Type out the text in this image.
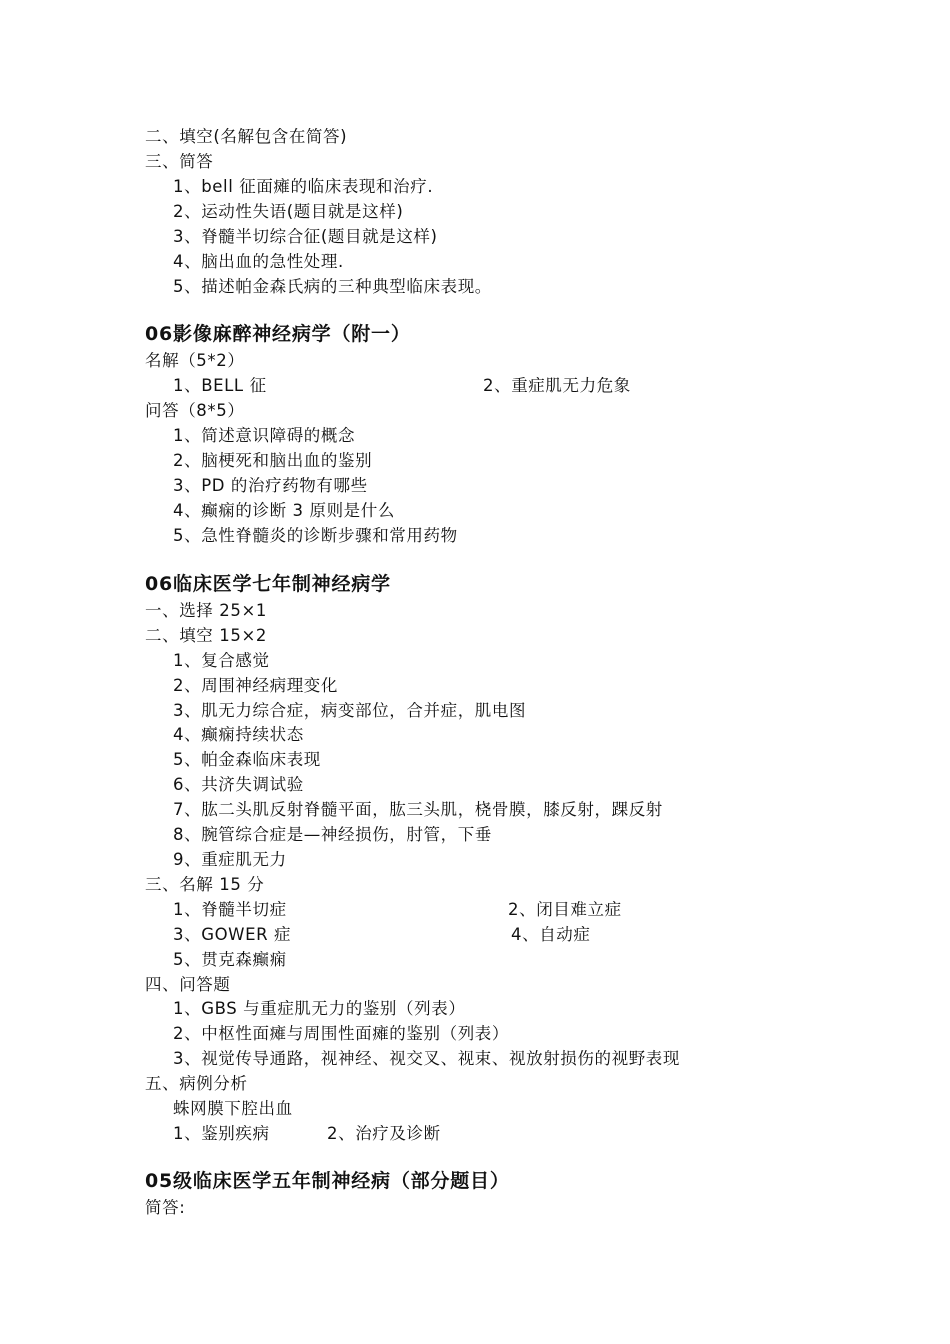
二、填空(名解包含在简答)
三、简答
1、bell 征面瘫的临床表现和治疗.
2、运动性失语(题目就是这样)
3、脊髓半切综合征(题目就是这样)
4、脑出血的急性处理.
5、描述帕金森氏病的三种典型临床表现。
06影像麻醉神经病学（附一）
名解（5*2）
1、BELL 征	2、重症肌无力危象
问答（8*5）
1、简述意识障碍的概念
2、脑梗死和脑出血的鉴别
3、PD 的治疗药物有哪些
4、癫痫的诊断 3 原则是什么
5、急性脊髓炎的诊断步骤和常用药物
06临床医学七年制神经病学
一、选择 25×1
二、填空 15×2
1、复合感觉
2、周围神经病理变化
3、肌无力综合症，病变部位，合并症，肌电图
4、癫痫持续状态
5、帕金森临床表现
6、共济失调试验
7、肱二头肌反射脊髓平面，肱三头肌，桡骨膜，膝反射，踝反射
8、腕管综合症是—神经损伤，肘管，下垂
9、重症肌无力
三、名解 15 分
1、脊髓半切症	2、闭目难立症
3、GOWER 症	4、自动症
5、贯克森癫痫
四、问答题
1、GBS 与重症肌无力的鉴别（列表）
2、中枢性面瘫与周围性面瘫的鉴别（列表）
3、视觉传导通路，视神经、视交叉、视束、视放射损伤的视野表现
五、病例分析
蛛网膜下腔出血
1、鉴别疾病	2、治疗及诊断
05级临床医学五年制神经病（部分题目）
简答:
